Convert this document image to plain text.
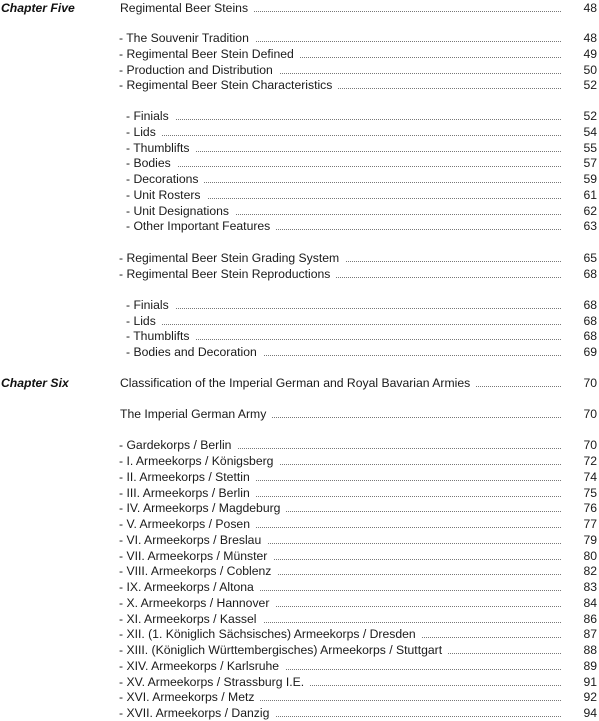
Chapter Five	Regimental Beer Steins	48
- The Souvenir Tradition	48
- Regimental Beer Stein Defined	49
- Production and Distribution	50
- Regimental Beer Stein Characteristics	52
- Finials	52
- Lids	54
- Thumblifts	55
- Bodies	57
- Decorations	59
- Unit Rosters	61
- Unit Designations	62
- Other Important Features	63
- Regimental Beer Stein Grading System	65
- Regimental Beer Stein Reproductions	68
- Finials	68
- Lids	68
- Thumblifts	68
- Bodies and Decoration	69
Chapter Six	Classification of the Imperial German and Royal Bavarian Armies	70
The Imperial German Army	70
- Gardekorps / Berlin	70
- I. Armeekorps / Königsberg	72
- II. Armeekorps / Stettin	74
- III. Armeekorps / Berlin	75
- IV. Armeekorps / Magdeburg	76
- V. Armeekorps / Posen	77
- VI. Armeekorps / Breslau	79
- VII. Armeekorps / Münster	80
- VIII. Armeekorps / Coblenz	82
- IX. Armeekorps / Altona	83
- X. Armeekorps / Hannover	84
- XI. Armeekorps / Kassel	86
- XII. (1. Königlich Sächsisches) Armeekorps / Dresden	87
- XIII. (Königlich Württembergisches) Armeekorps / Stuttgart	88
- XIV. Armeekorps / Karlsruhe	89
- XV. Armeekorps / Strassburg I.E.	91
- XVI. Armeekorps / Metz	92
- XVII. Armeekorps / Danzig	94
